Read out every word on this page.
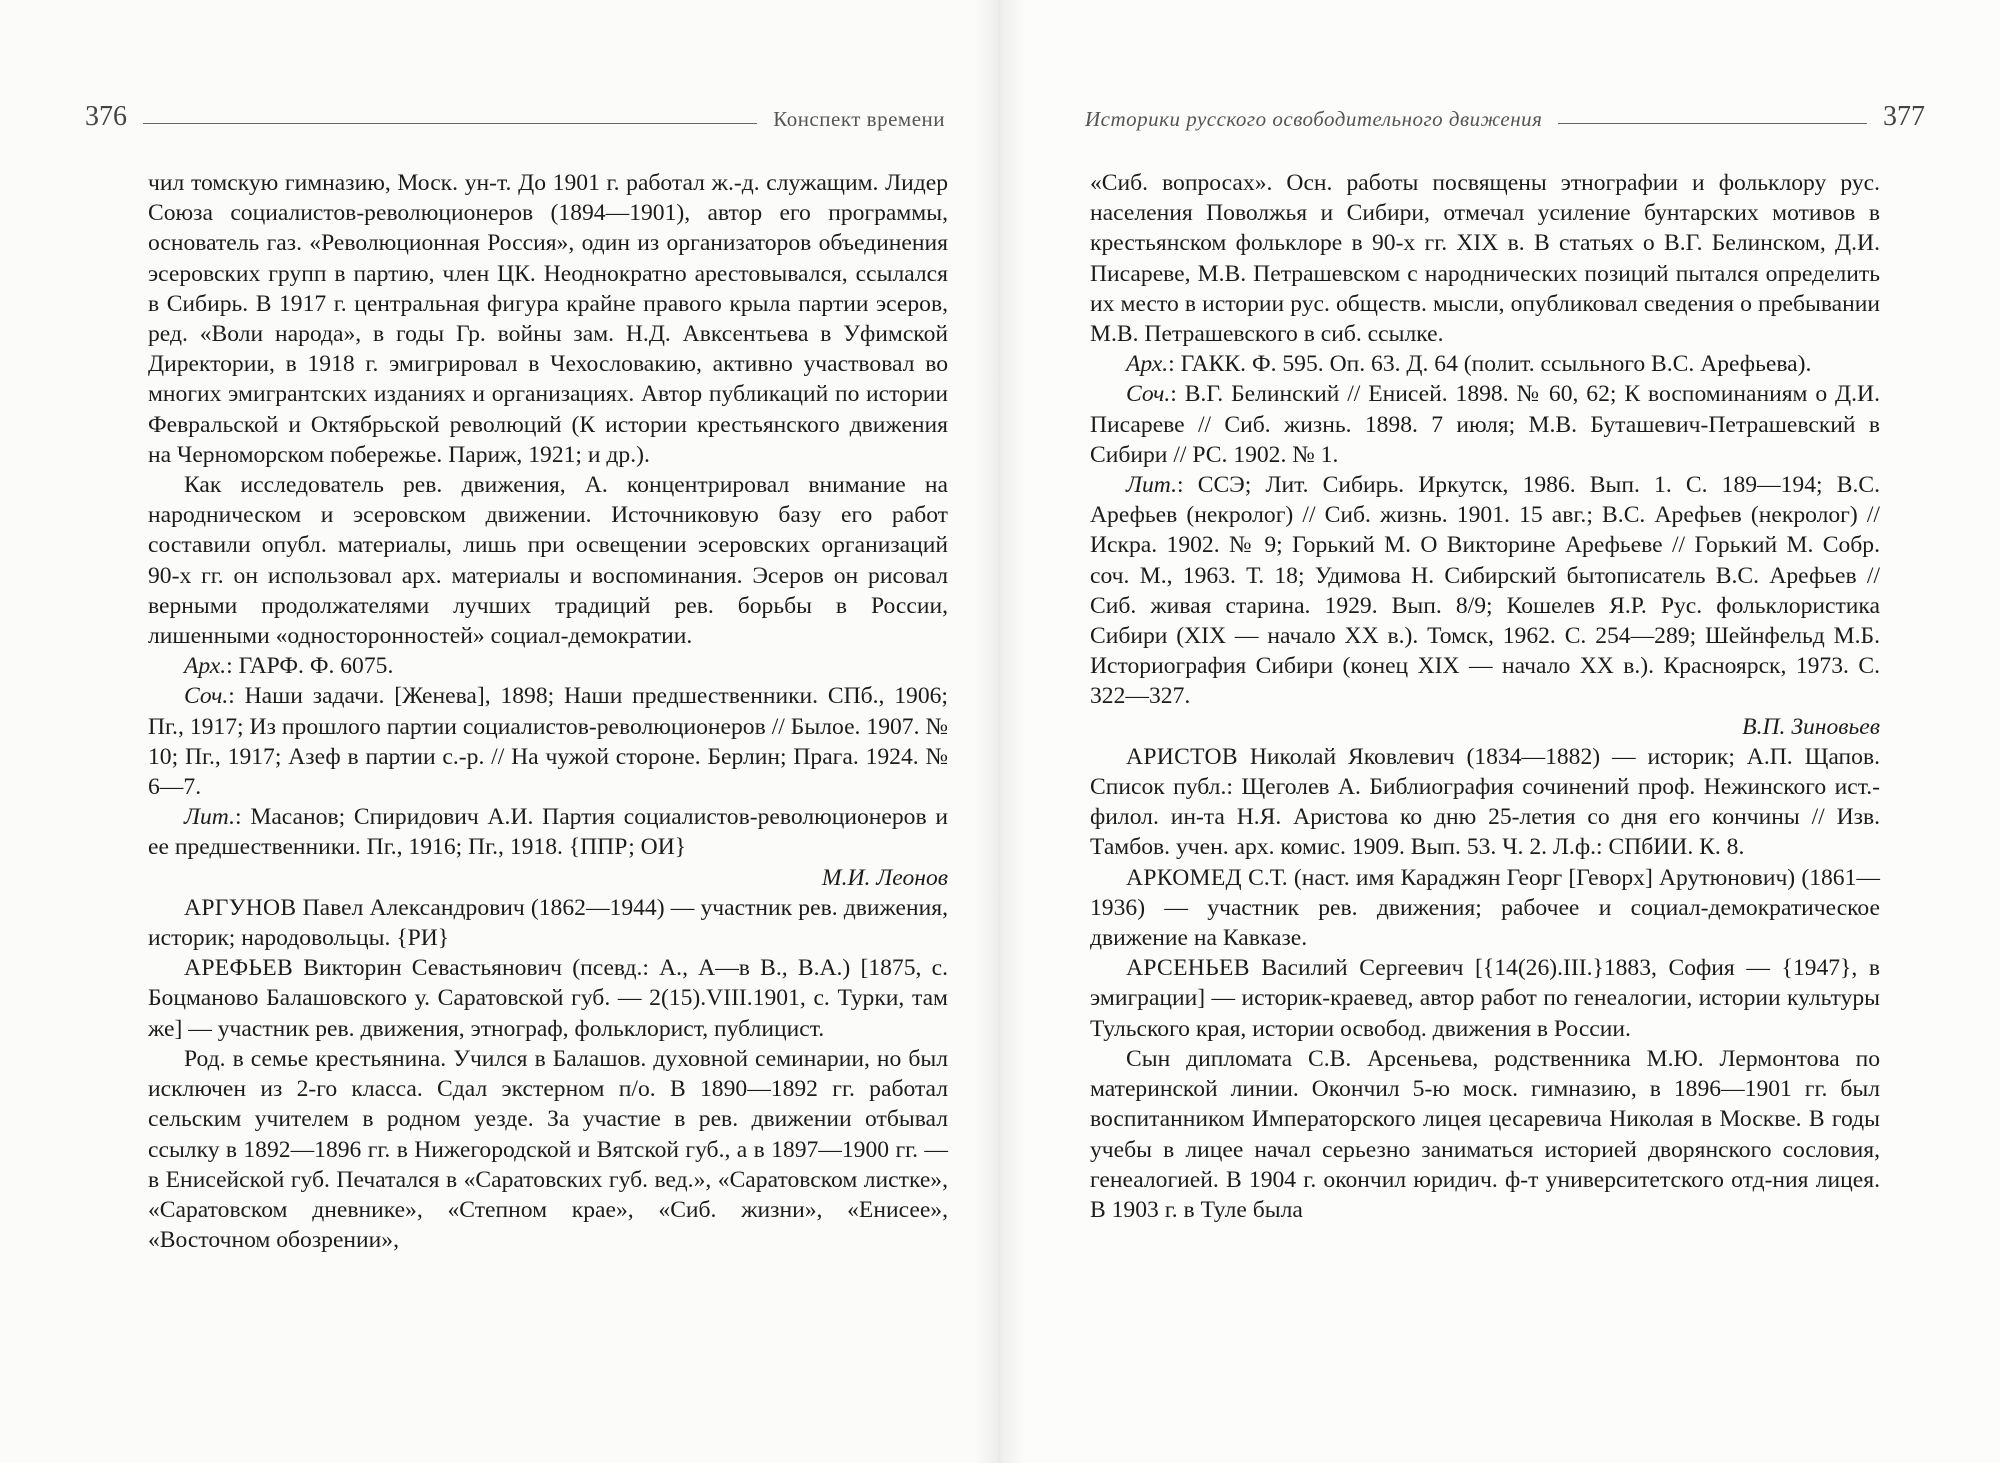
376	Конспект времени

чил томскую гимназию, Моск. ун-т. До 1901 г. работал ж.-д. служащим. Лидер Союза социалистов-революционеров (1894—1901), автор его программы, основатель газ. «Революционная Россия», один из организаторов объединения эсеровских групп в партию, член ЦК. Неоднократно арестовывался, ссылался в Сибирь. В 1917 г. центральная фигура крайне правого крыла партии эсеров, ред. «Воли народа», в годы Гр. войны зам. Н.Д. Авксентьева в Уфимской Директории, в 1918 г. эмигрировал в Чехословакию, активно участвовал во многих эмигрантских изданиях и организациях. Автор публикаций по истории Февральской и Октябрьской революций (К истории крестьянского движения на Черноморском побережье. Париж, 1921; и др.).

Как исследователь рев. движения, А. концентрировал внимание на народническом и эсеровском движении. Источниковую базу его работ составили опубл. материалы, лишь при освещении эсеровских организаций 90-х гг. он использовал арх. материалы и воспоминания. Эсеров он рисовал верными продолжателями лучших традиций рев. борьбы в России, лишенными «односторонностей» социал-демократии.

Арх.: ГАРФ. Ф. 6075.

Соч.: Наши задачи. [Женева], 1898; Наши предшественники. СПб., 1906; Пг., 1917; Из прошлого партии социалистов-революционеров // Былое. 1907. № 10; Пг., 1917; Азеф в партии с.-р. // На чужой стороне. Берлин; Прага. 1924. № 6—7.

Лит.: Масанов; Спиридович А.И. Партия социалистов-революционеров и ее предшественники. Пг., 1916; Пг., 1918. {ППР; ОИ}

М.И. Леонов

АРГУНОВ Павел Александрович (1862—1944) — участник рев. движения, историк; народовольцы. {РИ}

АРЕФЬЕВ Викторин Севастьянович (псевд.: А., А—в В., В.А.) [1875, с. Боцманово Балашовского у. Саратовской губ. — 2(15).VIII.1901, с. Турки, там же] — участник рев. движения, этнограф, фольклорист, публицист.

Род. в семье крестьянина. Учился в Балашов. духовной семинарии, но был исключен из 2-го класса. Сдал экстерном п/о. В 1890—1892 гг. работал сельским учителем в родном уезде. За участие в рев. движении отбывал ссылку в 1892—1896 гг. в Нижегородской и Вятской губ., а в 1897—1900 гг. — в Енисейской губ. Печатался в «Саратовских губ. вед.», «Саратовском листке», «Саратовском дневнике», «Степном крае», «Сиб. жизни», «Енисее», «Восточном обозрении»,

Историки русского освободительного движения	377

«Сиб. вопросах». Осн. работы посвящены этнографии и фольклору рус. населения Поволжья и Сибири, отмечал усиление бунтарских мотивов в крестьянском фольклоре в 90-х гг. XIX в. В статьях о В.Г. Белинском, Д.И. Писареве, М.В. Петрашевском с народнических позиций пытался определить их место в истории рус. обществ. мысли, опубликовал сведения о пребывании М.В. Петрашевского в сиб. ссылке.

Арх.: ГАКК. Ф. 595. Оп. 63. Д. 64 (полит. ссыльного В.С. Арефьева).

Соч.: В.Г. Белинский // Енисей. 1898. № 60, 62; К воспоминаниям о Д.И. Писареве // Сиб. жизнь. 1898. 7 июля; М.В. Буташевич-Петрашевский в Сибири // РС. 1902. № 1.

Лит.: ССЭ; Лит. Сибирь. Иркутск, 1986. Вып. 1. С. 189—194; В.С. Арефьев (некролог) // Сиб. жизнь. 1901. 15 авг.; В.С. Арефьев (некролог) // Искра. 1902. № 9; Горький М. О Викторине Арефьеве // Горький М. Собр. соч. М., 1963. Т. 18; Удимова Н. Сибирский бытописатель В.С. Арефьев // Сиб. живая старина. 1929. Вып. 8/9; Кошелев Я.Р. Рус. фольклористика Сибири (XIX — начало XX в.). Томск, 1962. С. 254—289; Шейнфельд М.Б. Историография Сибири (конец XIX — начало XX в.). Красноярск, 1973. С. 322—327.

В.П. Зиновьев

АРИСТОВ Николай Яковлевич (1834—1882) — историк; А.П. Щапов. Список публ.: Щеголев А. Библиография сочинений проф. Нежинского ист.-филол. ин-та Н.Я. Аристова ко дню 25-летия со дня его кончины // Изв. Тамбов. учен. арх. комис. 1909. Вып. 53. Ч. 2. Л.ф.: СПбИИ. К. 8.

АРКОМЕД С.Т. (наст. имя Караджян Георг [Геворх] Арутюнович) (1861—1936) — участник рев. движения; рабочее и социал-демократическое движение на Кавказе.

АРСЕНЬЕВ Василий Сергеевич [{14(26).III.}1883, София — {1947}, в эмиграции] — историк-краевед, автор работ по генеалогии, истории культуры Тульского края, истории освобод. движения в России.

Сын дипломата С.В. Арсеньева, родственника М.Ю. Лермонтова по материнской линии. Окончил 5-ю моск. гимназию, в 1896—1901 гг. был воспитанником Императорского лицея цесаревича Николая в Москве. В годы учебы в лицее начал серьезно заниматься историей дворянского сословия, генеалогией. В 1904 г. окончил юридич. ф-т университетского отд-ния лицея. В 1903 г. в Туле была
